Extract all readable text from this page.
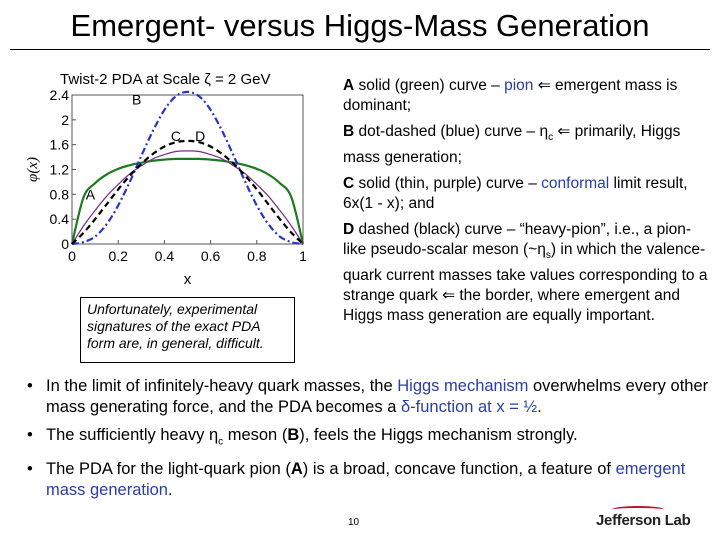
Emergent- versus Higgs-Mass Generation
Twist-2 PDA at Scale ζ = 2 GeV
0 0.2 0.4 0.6 0.8 1
0
0.4
0.8
1.2
1.6
2
2.4
x
φ(x)
A
B
C D
Unfortunately, experimental signatures of the exact PDA form are, in general, difficult.

A solid (green) curve – pion ⇐ emergent mass is dominant;

B dot-dashed (blue) curve – $\eta_c$ ⇐ primarily, Higgs mass generation;

C solid (thin, purple) curve – conformal limit result, 6x(1 - x); and

D dashed (black) curve – “heavy-pion”, i.e., a pion-like pseudo-scalar meson $(\sim\eta_s)$ in which the valence-quark current masses take values corresponding to a strange quark ⇐ the border, where emergent and Higgs mass generation are equally important.

• In the limit of infinitely-heavy quark masses, the Higgs mechanism overwhelms every other mass generating force, and the PDA becomes a δ-function at x = ½.
• The sufficiently heavy $\eta_c$ meson (B), feels the Higgs mechanism strongly.
• The PDA for the light-quark pion (A) is a broad, concave function, a feature of emergent mass generation.
10	Jefferson Lab
